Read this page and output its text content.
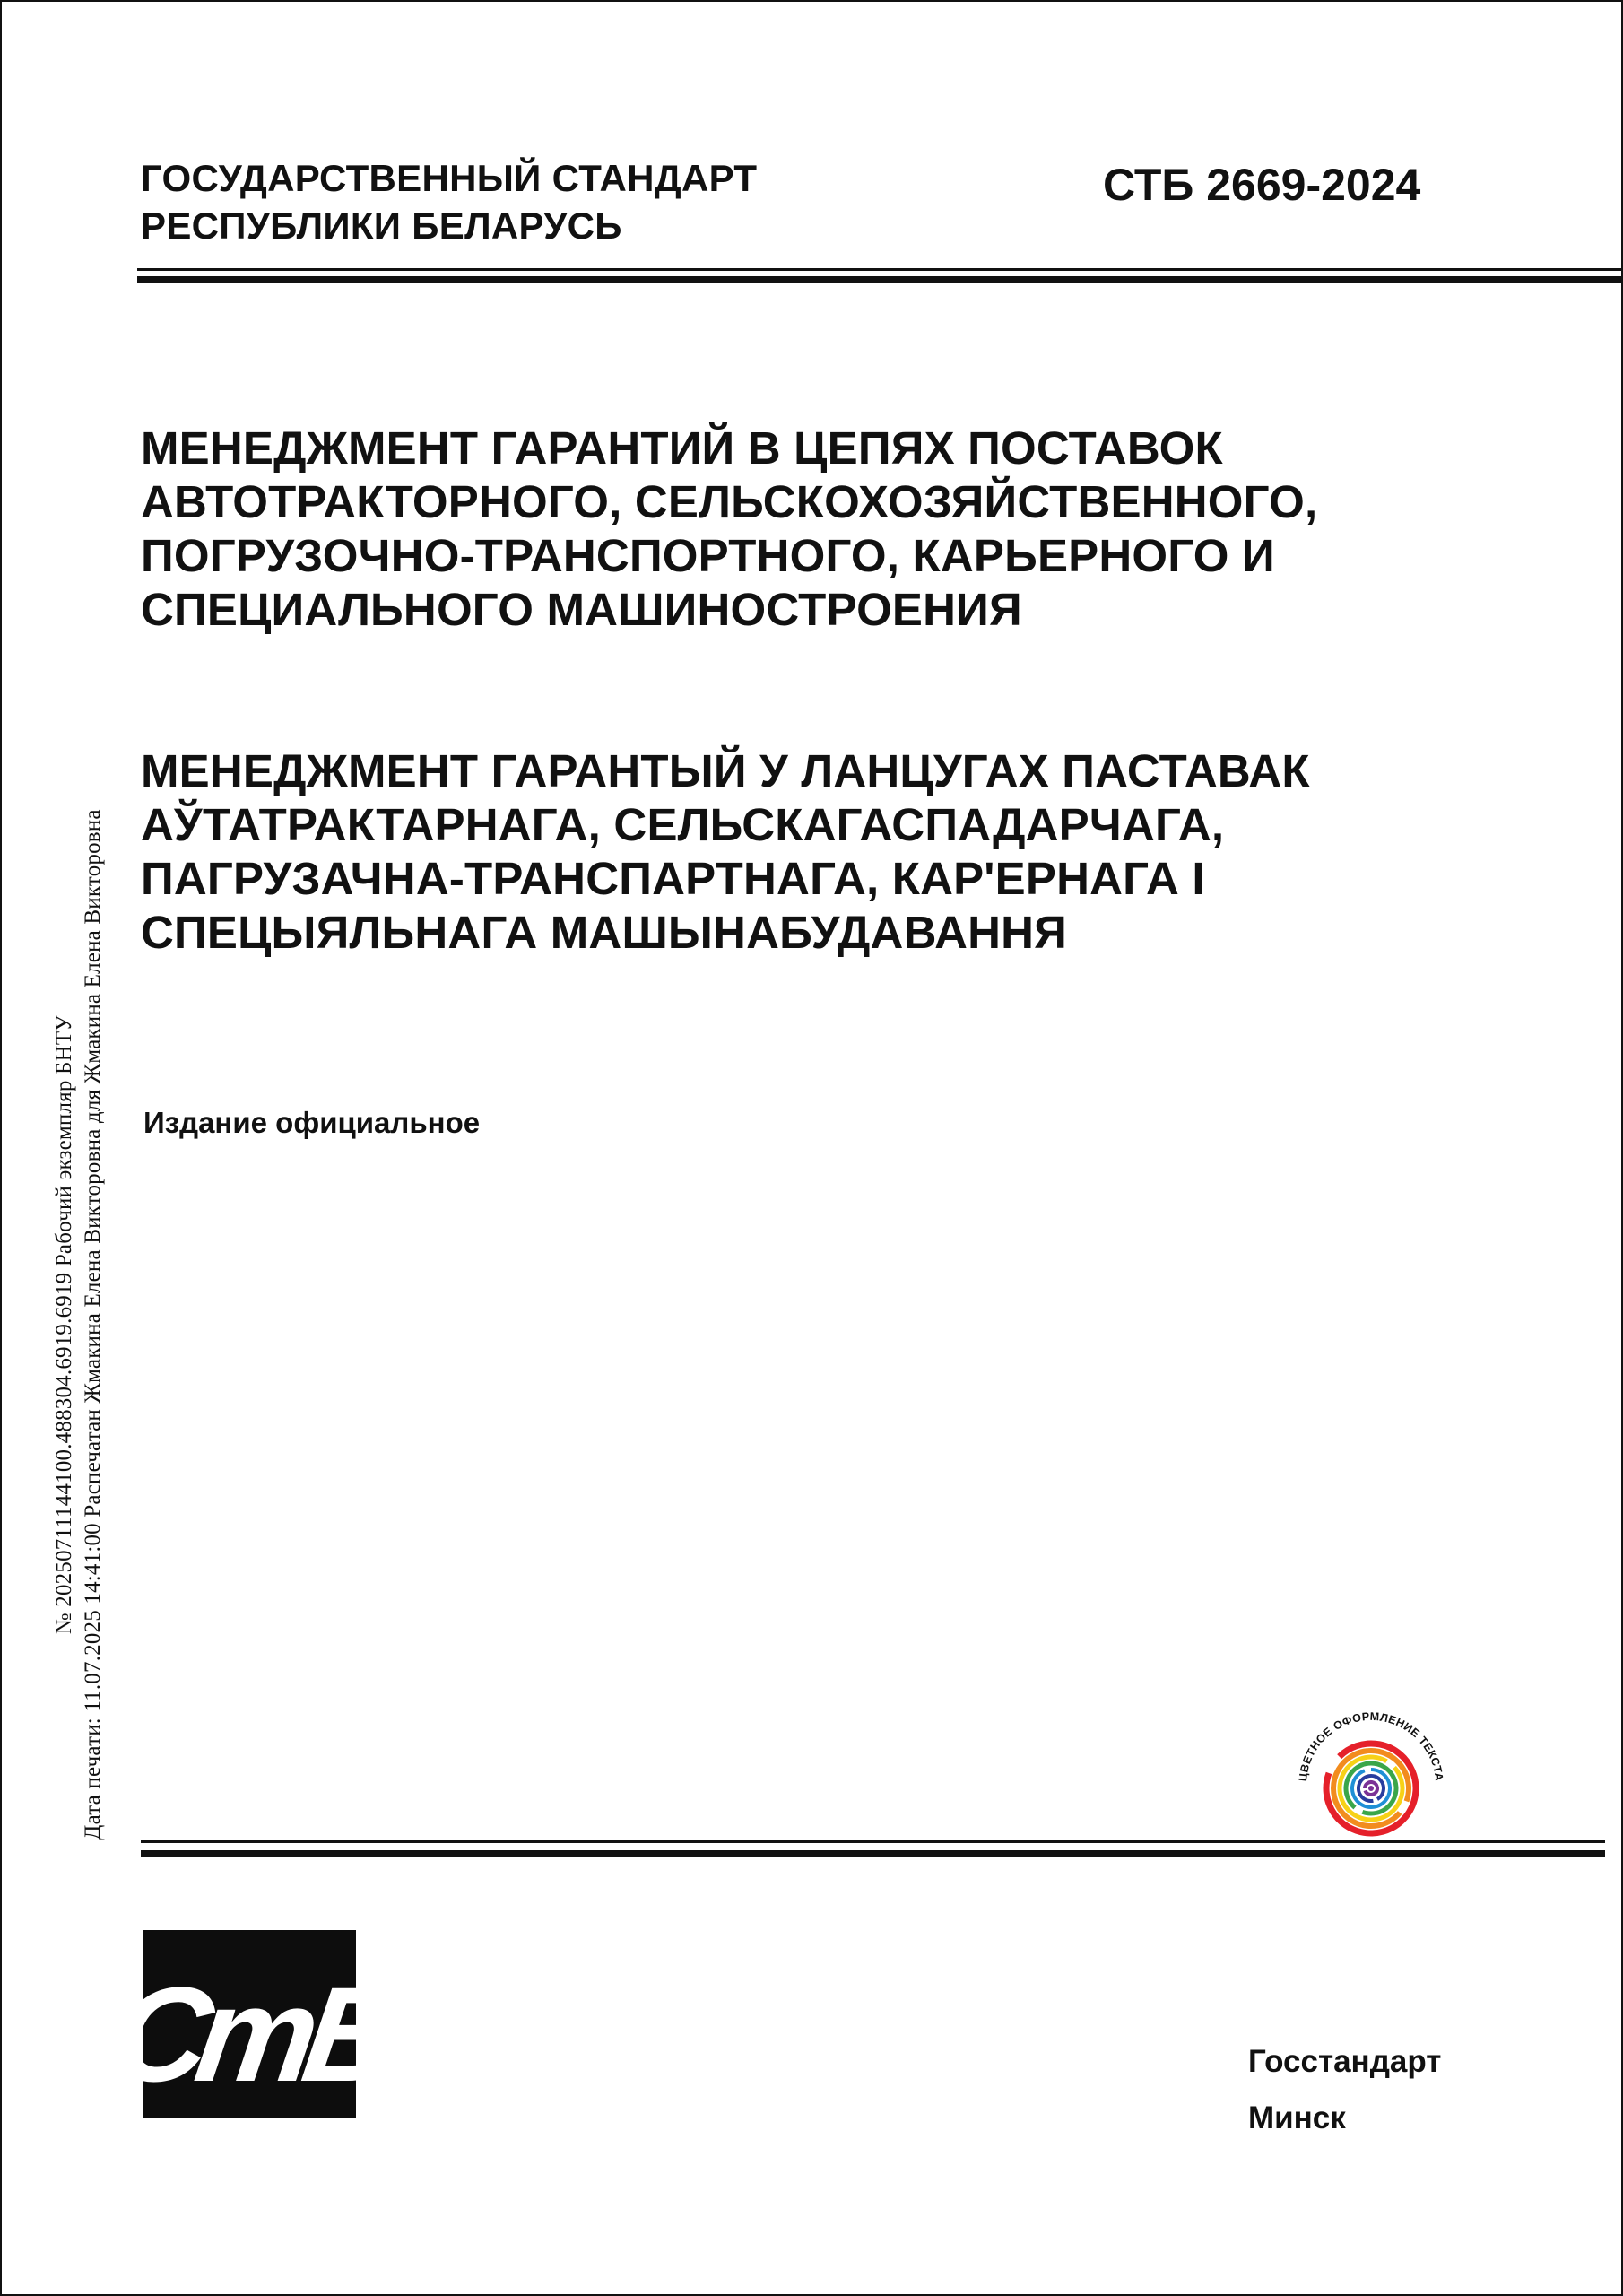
ГОСУДАРСТВЕННЫЙ СТАНДАРТ
РЕСПУБЛИКИ БЕЛАРУСЬ
СТБ 2669-2024
МЕНЕДЖМЕНТ ГАРАНТИЙ В ЦЕПЯХ ПОСТАВОК
АВТОТРАКТОРНОГО, СЕЛЬСКОХОЗЯЙСТВЕННОГО,
ПОГРУЗОЧНО-ТРАНСПОРТНОГО, КАРЬЕРНОГО И
СПЕЦИАЛЬНОГО МАШИНОСТРОЕНИЯ
МЕНЕДЖМЕНТ ГАРАНТЫЙ У ЛАНЦУГАХ ПАСТАВАК
АЎТАТРАКТАРНАГА, СЕЛЬСКАГАСПАДАРЧАГА,
ПАГРУЗАЧНА-ТРАНСПАРТНАГА, КАР'ЕРНАГА І
СПЕЦЫЯЛЬНАГА МАШЫНАБУДАВАННЯ
Издание официальное
№ 20250711144100.488304.6919.6919 Рабочий экземпляр БНТУ Дата печати: 11.07.2025 14:41:00 Распечатан Жмакина Елена Викторовна для Жмакина Елена Викторовна	ЦВЕТНОЕ ОФОРМЛЕНИЕ ТЕКСТА
СтБ	Госстандарт
Минск
